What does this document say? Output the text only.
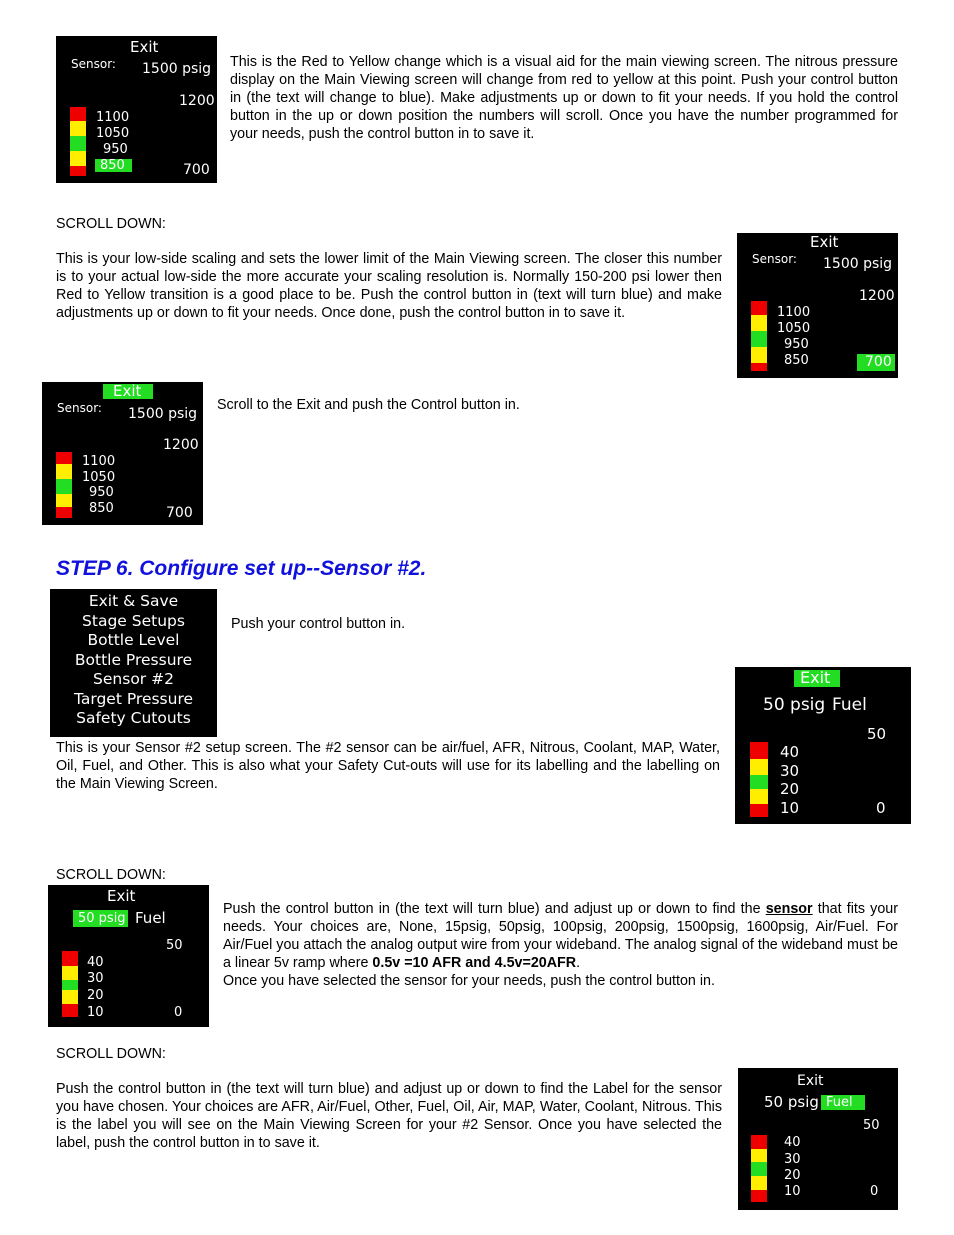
Exit
Sensor: 1500 psig
1200
1100
1050
950
850	700

This is the Red to Yellow change which is a visual aid for the main viewing screen. The nitrous pressure display on the Main Viewing screen will change from red to yellow at this point. Push your control button in (the text will change to blue). Make adjustments up or down to fit your needs. If you hold the control button in the up or down position the numbers will scroll. Once you have the number programmed for your needs, push the control button in to save it.

SCROLL DOWN:

This is your low-side scaling and sets the lower limit of the Main Viewing screen. The closer this number is to your actual low-side the more accurate your scaling resolution is. Normally 150-200 psi lower then Red to Yellow transition is a good place to be. Push the control button in (text will turn blue) and make adjustments up or down to fit your needs. Once done, push the control button in to save it.

Exit
Sensor: 1500 psig
1200
1100
1050
950
850	700
Exit
Sensor: 1500 psig
1200
1100
1050
950
850	700

Scroll to the Exit and push the Control button in.

STEP 6. Configure set up--Sensor #2.
Exit & Save
Stage Setups
Bottle Level
Bottle Pressure
Sensor #2
Target Pressure
Safety Cutouts

Push your control button in.

Exit
50 psig Fuel
50
40
30
20
10	0

This is your Sensor #2 setup screen. The #2 sensor can be air/fuel, AFR, Nitrous, Coolant, MAP, Water, Oil, Fuel, and Other. This is also what your Safety Cut-outs will use for its labelling and the labelling on the Main Viewing Screen.

SCROLL DOWN:

Exit
50 psig Fuel
50
40
30
20
10	0
Push the control button in (the text will turn blue) and adjust up or down to find the sensor that fits your needs. Your choices are, None, 15psig, 50psig, 100psig, 200psig, 1500psig, 1600psig, Air/Fuel. For Air/Fuel you attach the analog output wire from your wideband. The analog signal of the wideband must be a linear 5v ramp where 0.5v =10 AFR and 4.5v=20AFR.
Once you have selected the sensor for your needs, push the control button in.

SCROLL DOWN:

Push the control button in (the text will turn blue) and adjust up or down to find the Label for the sensor you have chosen. Your choices are AFR, Air/Fuel, Other, Fuel, Oil, Air, MAP, Water, Coolant, Nitrous. This is the label you will see on the Main Viewing Screen for your #2 Sensor. Once you have selected the label, push the control button in to save it.

Exit
50 psig Fuel
50
40
30
20
10	0
